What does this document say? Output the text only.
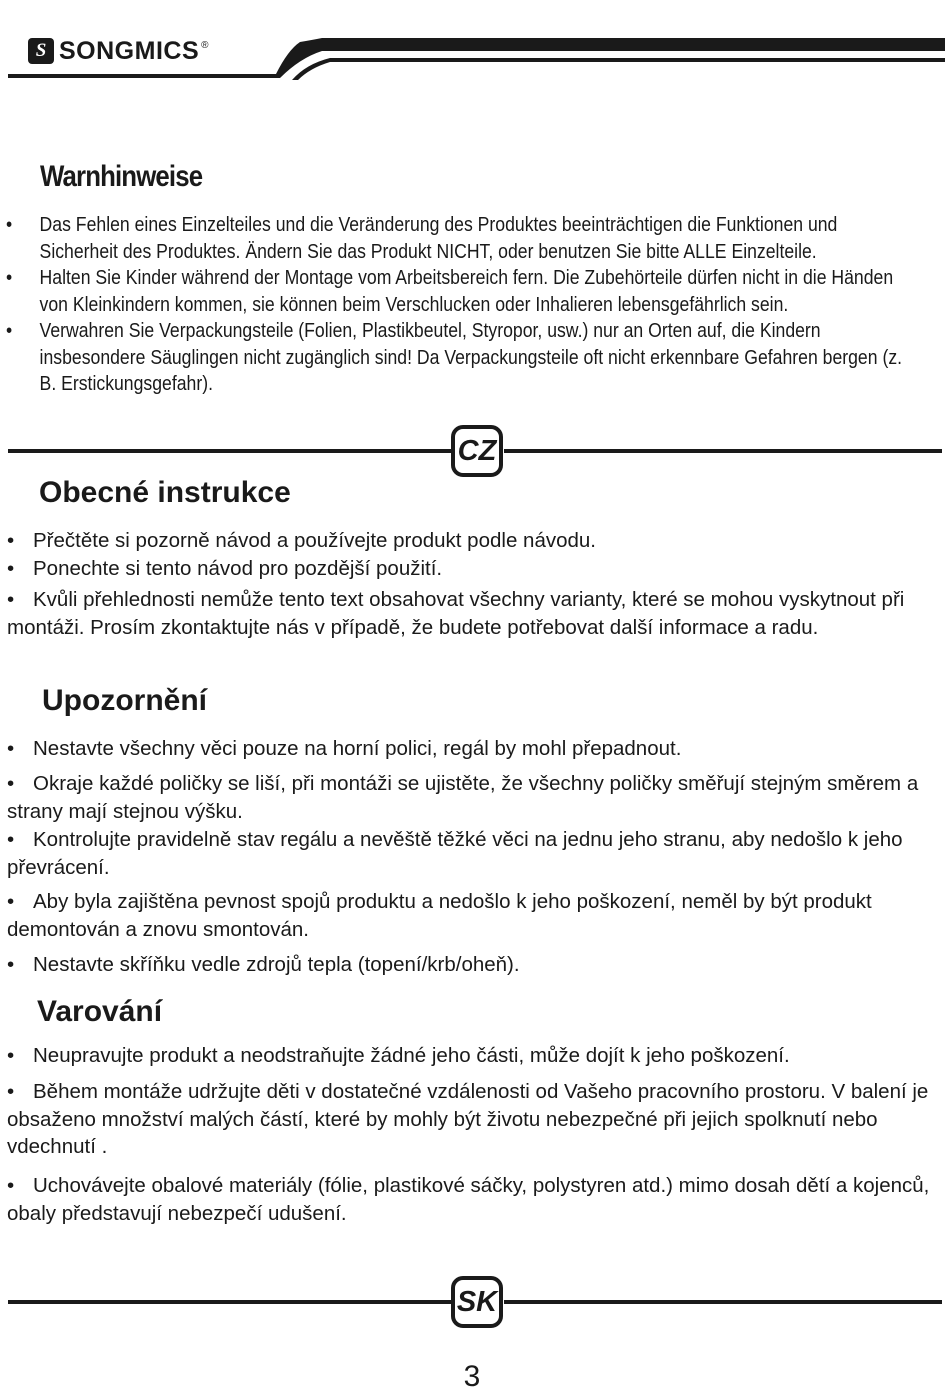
S SONGMICS ®
Warnhinweise
• Das Fehlen eines Einzelteiles und die Veränderung des Produktes beeinträchtigen die Funktionen und Sicherheit des Produktes. Ändern Sie das Produkt NICHT, oder benutzen Sie bitte ALLE Einzelteile.
• Halten Sie Kinder während der Montage vom Arbeitsbereich fern. Die Zubehörteile dürfen nicht in die Händen von Kleinkindern kommen, sie können beim Verschlucken oder Inhalieren lebensgefährlich sein.
• Verwahren Sie Verpackungsteile (Folien, Plastikbeutel, Styropor, usw.) nur an Orten auf, die Kindern insbesondere Säuglingen nicht zugänglich sind! Da Verpackungsteile oft nicht erkennbare Gefahren bergen (z. B. Erstickungsgefahr).
CZ
Obecné instrukce

• Přečtěte si pozorně návod a používejte produkt podle návodu.

• Ponechte si tento návod pro pozdější použití.

• Kvůli přehlednosti nemůže tento text obsahovat všechny varianty, které se mohou vyskytnout při montáži. Prosím zkontaktujte nás v případě, že budete potřebovat další informace a radu.

Upozornění

• Nestavte všechny věci pouze na horní polici, regál by mohl přepadnout.

• Okraje každé poličky se liší, při montáži se ujistěte, že všechny poličky směřují stejným směrem a strany mají stejnou výšku.

• Kontrolujte pravidelně stav regálu a nevěště těžké věci na jednu jeho stranu, aby nedošlo k jeho převrácení.

• Aby byla zajištěna pevnost spojů produktu a nedošlo k jeho poškození, neměl by být produkt demontován a znovu smontován.

• Nestavte skříňku vedle zdrojů tepla (topení/krb/oheň).

Varování

• Neupravujte produkt a neodstraňujte žádné jeho části, může dojít k jeho poškození.

• Během montáže udržujte děti v dostatečné vzdálenosti od Vašeho pracovního prostoru. V balení je obsaženo množství malých částí, které by mohly být životu nebezpečné při jejich spolknutí nebo vdechnutí .

• Uchovávejte obalové materiály (fólie, plastikové sáčky, polystyren atd.) mimo dosah dětí a kojenců, obaly představují nebezpečí udušení.

SK
3
